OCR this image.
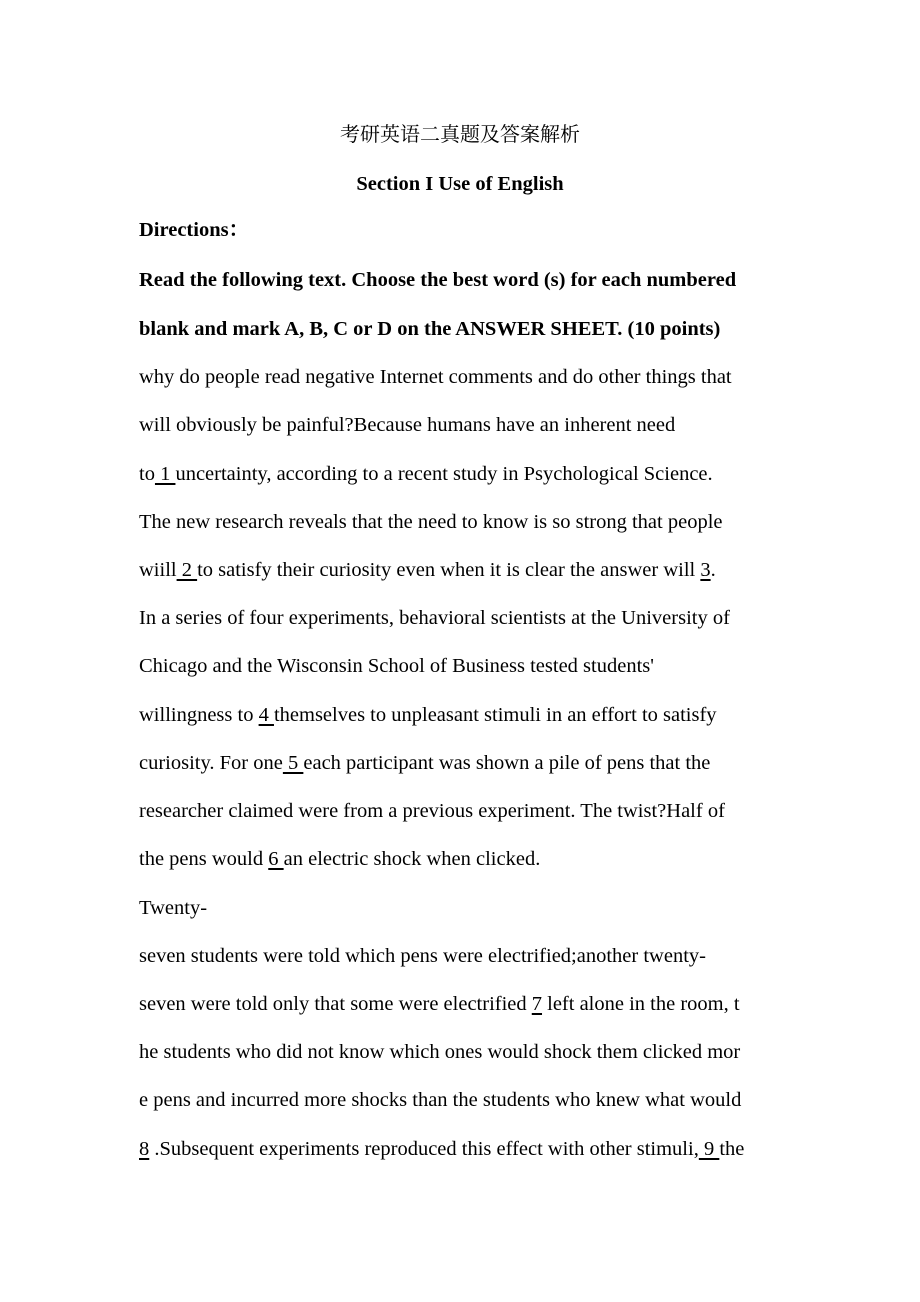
考研英语二真题及答案解析
Section I Use of English
Directions：
Read the following text. Choose the best word (s) for each numbered
blank and mark A, B, C or D on the ANSWER SHEET. (10 points)
why do people read negative Internet comments and do other things that
will obviously be painful?Because humans have an inherent need
to 1 uncertainty, according to a recent study in Psychological Science.
The new research reveals that the need to know is so strong that people
wiill 2 to satisfy their curiosity even when it is clear the answer will 3.
In a series of four experiments, behavioral scientists at the University of
Chicago and the Wisconsin School of Business tested students'
willingness to 4 themselves to unpleasant stimuli in an effort to satisfy
curiosity. For one 5 each participant was shown a pile of pens that the
researcher claimed were from a previous experiment. The twist?Half of
the pens would 6 an electric shock when clicked.
Twenty-
seven students were told which pens were electrified;another twenty-
seven were told only that some were electrified 7 left alone in the room, t
he students who did not know which ones would shock them clicked mor
e pens and incurred more shocks than the students who knew what would
8 .Subsequent experiments reproduced this effect with other stimuli, 9 the
